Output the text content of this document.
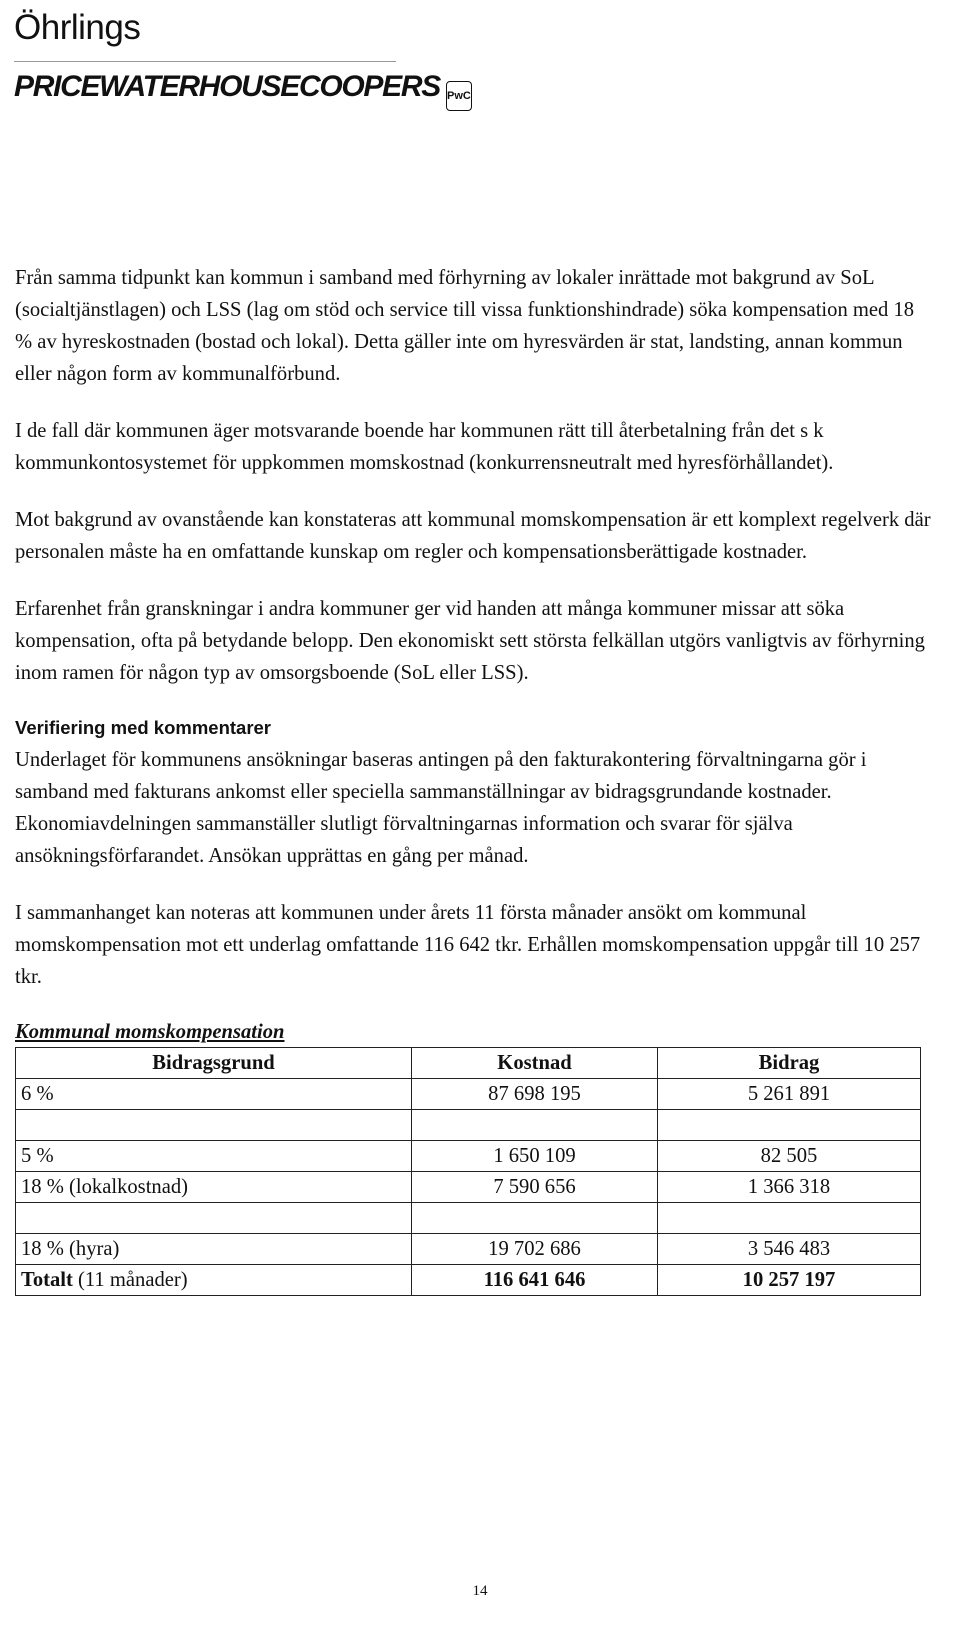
Öhrlings
PRICEWATERHOUSECOOPERS PwC

Från samma tidpunkt kan kommun i samband med förhyrning av lokaler inrättade mot bakgrund av SoL (socialtjänstlagen) och LSS (lag om stöd och service till vissa funktionshindrade) söka kompensation med 18 % av hyreskostnaden (bostad och lokal). Detta gäller inte om hyresvärden är stat, landsting, annan kommun eller någon form av kommunalförbund.

I de fall där kommunen äger motsvarande boende har kommunen rätt till återbetalning från det s k kommunkontosystemet för uppkommen momskostnad (konkurrensneutralt med hyresförhållandet).

Mot bakgrund av ovanstående kan konstateras att kommunal momskompensation är ett komplext regelverk där personalen måste ha en omfattande kunskap om regler och kompensationsberättigade kostnader.

Erfarenhet från granskningar i andra kommuner ger vid handen att många kommuner missar att söka kompensation, ofta på betydande belopp. Den ekonomiskt sett största felkällan utgörs vanligtvis av förhyrning inom ramen för någon typ av omsorgsboende (SoL eller LSS).

Verifiering med kommentarer

Underlaget för kommunens ansökningar baseras antingen på den fakturakontering förvaltningarna gör i samband med fakturans ankomst eller speciella sammanställningar av bidragsgrundande kostnader. Ekonomiavdelningen sammanställer slutligt förvaltningarnas information och svarar för själva ansökningsförfarandet. Ansökan upprättas en gång per månad.

I sammanhanget kan noteras att kommunen under årets 11 första månader ansökt om kommunal momskompensation mot ett underlag omfattande 116 642 tkr. Erhållen momskompensation uppgår till 10 257 tkr.

Kommunal momskompensation
Bidragsgrund	Kostnad	Bidrag
6 %	87 698 195	5 261 891

5 %	1 650 109	82 505
18 % (lokalkostnad)	7 590 656	1 366 318

18 % (hyra)	19 702 686	3 546 483
Totalt (11 månader)	116 641 646	10 257 197
14
